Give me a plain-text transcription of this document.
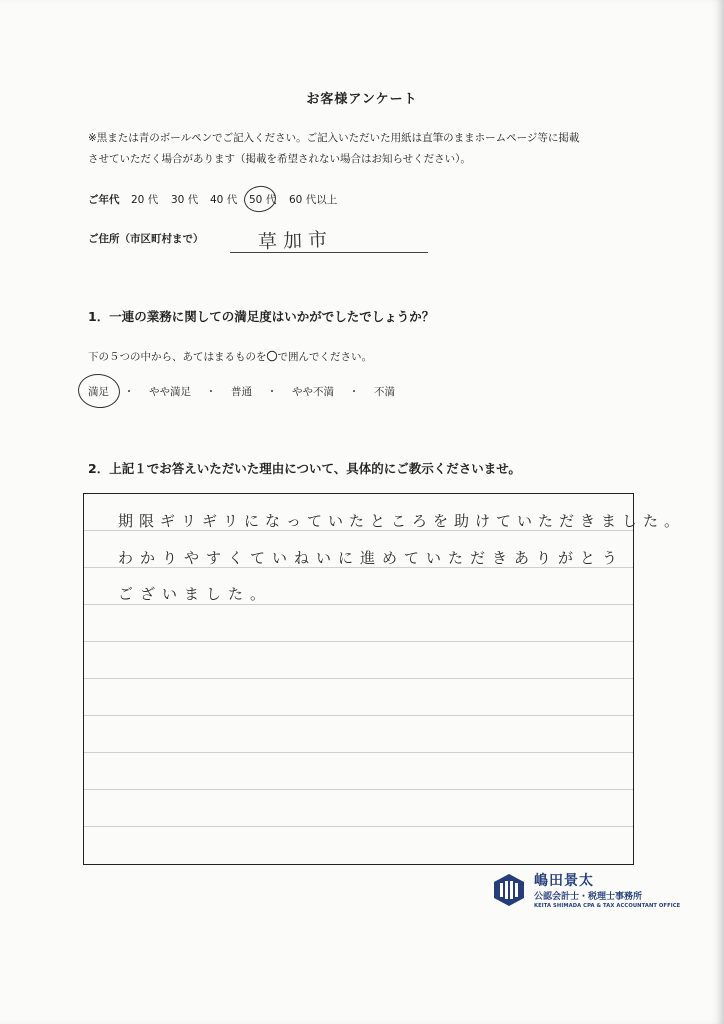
お客様アンケート
※黒または青のボールペンでご記入ください。ご記入いただいた用紙は直筆のままホームページ等に掲載
させていただく場合があります（掲載を希望されない場合はお知らせください）。
ご年代 20 代 30 代 40 代 50 代 60 代以上
ご住所（市区町村まで）	草加市
1．一連の業務に関しての満足度はいかがでしたでしょうか？
下の５つの中から、あてはまるものを〇で囲んでください。
満足 ・ やや満足 ・ 普通 ・ やや不満 ・ 不満
2．上記１でお答えいただいた理由について、具体的にご教示くださいませ。
期限ギリギリになっていたところを助けていただきました。
わかりやすくていねいに進めていただきありがとう
ございました。
嶋田景太
公認会計士・税理士事務所
KEITA SHIMADA CPA & TAX ACCOUNTANT OFFICE
